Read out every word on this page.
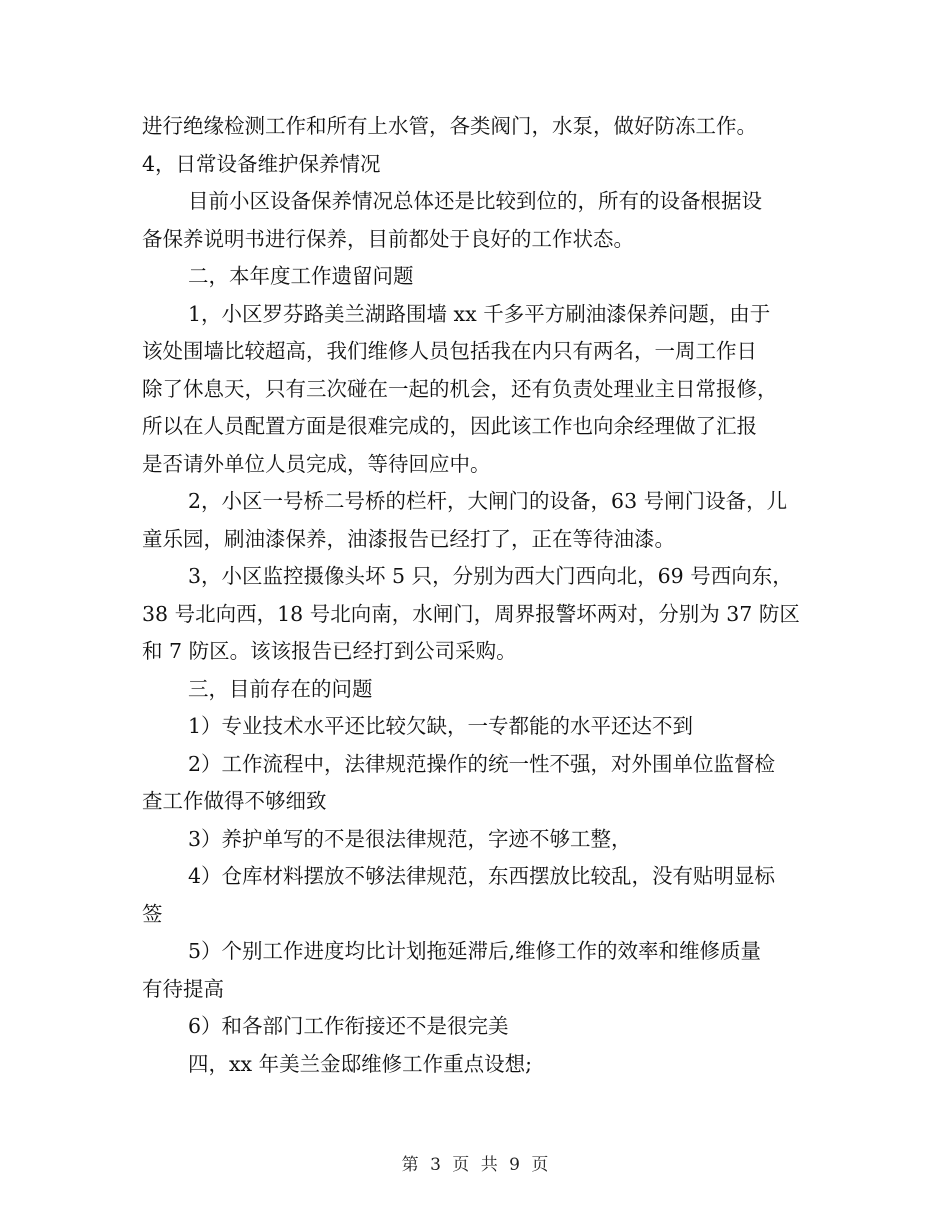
进行绝缘检测工作和所有上水管，各类阀门，水泵，做好防冻工作。
4，日常设备维护保养情况
目前小区设备保养情况总体还是比较到位的，所有的设备根据设
备保养说明书进行保养，目前都处于良好的工作状态。
二，本年度工作遗留问题
1，小区罗芬路美兰湖路围墙 xx 千多平方刷油漆保养问题，由于
该处围墙比较超高，我们维修人员包括我在内只有两名，一周工作日
除了休息天，只有三次碰在一起的机会，还有负责处理业主日常报修，
所以在人员配置方面是很难完成的，因此该工作也向余经理做了汇报
是否请外单位人员完成，等待回应中。
2，小区一号桥二号桥的栏杆，大闸门的设备，63 号闸门设备，儿
童乐园，刷油漆保养，油漆报告已经打了，正在等待油漆。
3，小区监控摄像头坏 5 只，分别为西大门西向北，69 号西向东，
38 号北向西，18 号北向南，水闸门，周界报警坏两对，分别为 37 防区
和 7 防区。该该报告已经打到公司采购。
三，目前存在的问题
1）专业技术水平还比较欠缺，一专都能的水平还达不到
2）工作流程中，法律规范操作的统一性不强，对外围单位监督检
查工作做得不够细致
3）养护单写的不是很法律规范，字迹不够工整，
4）仓库材料摆放不够法律规范，东西摆放比较乱，没有贴明显标
签
5）个别工作进度均比计划拖延滞后,维修工作的效率和维修质量
有待提高
6）和各部门工作衔接还不是很完美
四，xx 年美兰金邸维修工作重点设想;
第 3 页 共 9 页
